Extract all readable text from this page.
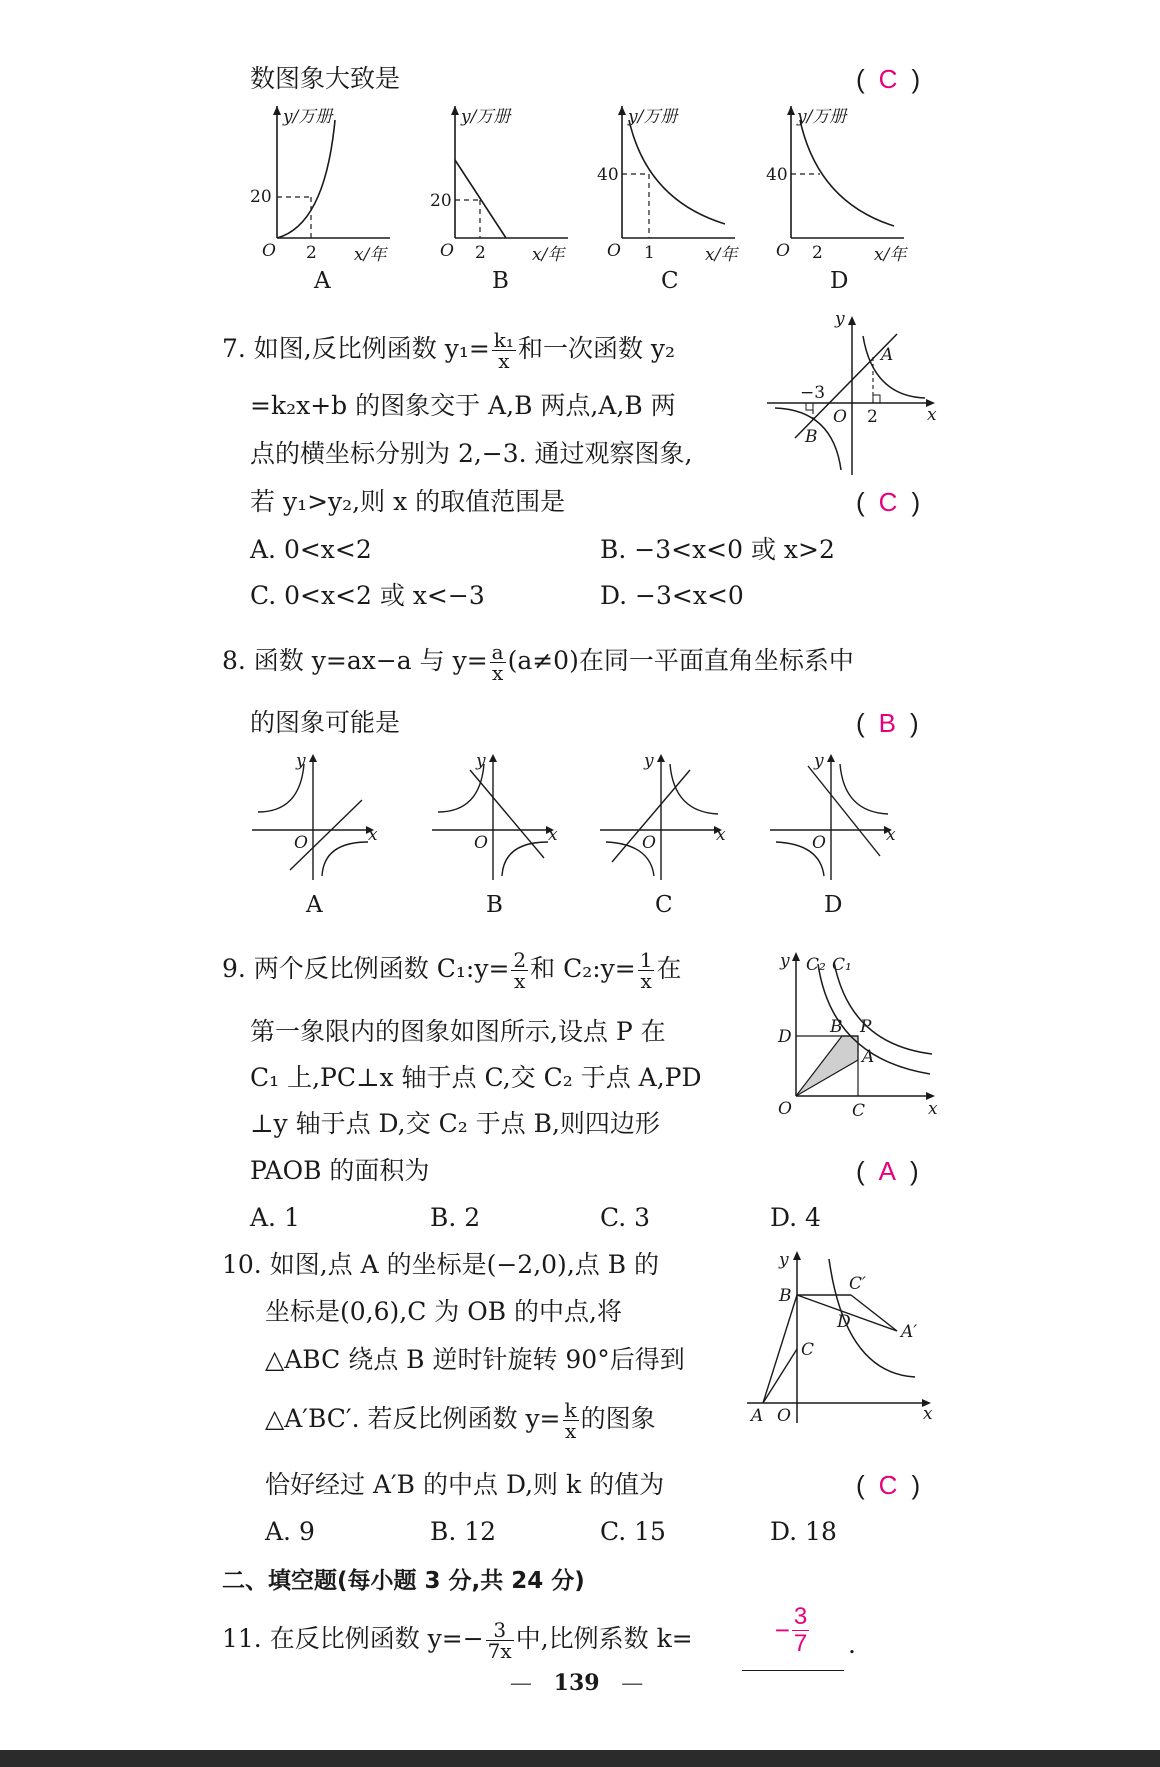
数图象大致是	( C )
y/万册
x/年
O
20
2
A
y/万册
x/年
O
20
2
B
y/万册
x/年
O
40
1
C
y/万册
x/年
O
40
2
D
7. 如图,反比例函数 $y_1= \frac{\text{k₁}}{x}$ 和一次函数 y₂
=k₂x+b 的图象交于 A,B 两点,A,B 两
点的横坐标分别为 2,−3. 通过观察图象,
若 y₁>y₂,则 x 的取值范围是	( C )
A. 0<x<2	B. −3<x<0 或 x>2
C. 0<x<2 或 x<−3	D. −3<x<0
y
x
O
A
B
−3
2
8. 函数 y=ax−a 与 $y= \frac{a}{x} (a\ne 0)$在同一平面直角坐标系中
的图象可能是	( B )
y
x
O
A
y
x
O
B
y
x
O
C
y
x
O
D
9. 两个反比例函数 C₁:y= $\frac{2}{x}$ 和 C₂:y= $\frac{1}{x}$ 在
第一象限内的图象如图所示,设点 P 在
C₁ 上,PC⊥x 轴于点 C,交 C₂ 于点 A,PD
⊥y 轴于点 D,交 C₂ 于点 B,则四边形
PAOB 的面积为	( A )
A. 1	B. 2	C. 3	D. 4
y C₂ C₁
D B P
A
O	C	x
10. 如图,点 A 的坐标是(−2,0),点 B 的
坐标是(0,6),C 为 OB 的中点,将
△ABC 绕点 B 逆时针旋转 90°后得到
△A′BC′. 若反比例函数 $y= \frac{k}{x}$ 的图象
恰好经过 A′B 的中点 D,则 k 的值为	( C )
A. 9	B. 12	C. 15	D. 18
y
B
C′
D	A′
C
A O	x
二、填空题(每小题 3 分,共 24 分)
11. 在反比例函数 $y=- \frac{3}{7x}$ 中,比例系数 k=	− $\frac{3}{7}$ .
— 139 —
